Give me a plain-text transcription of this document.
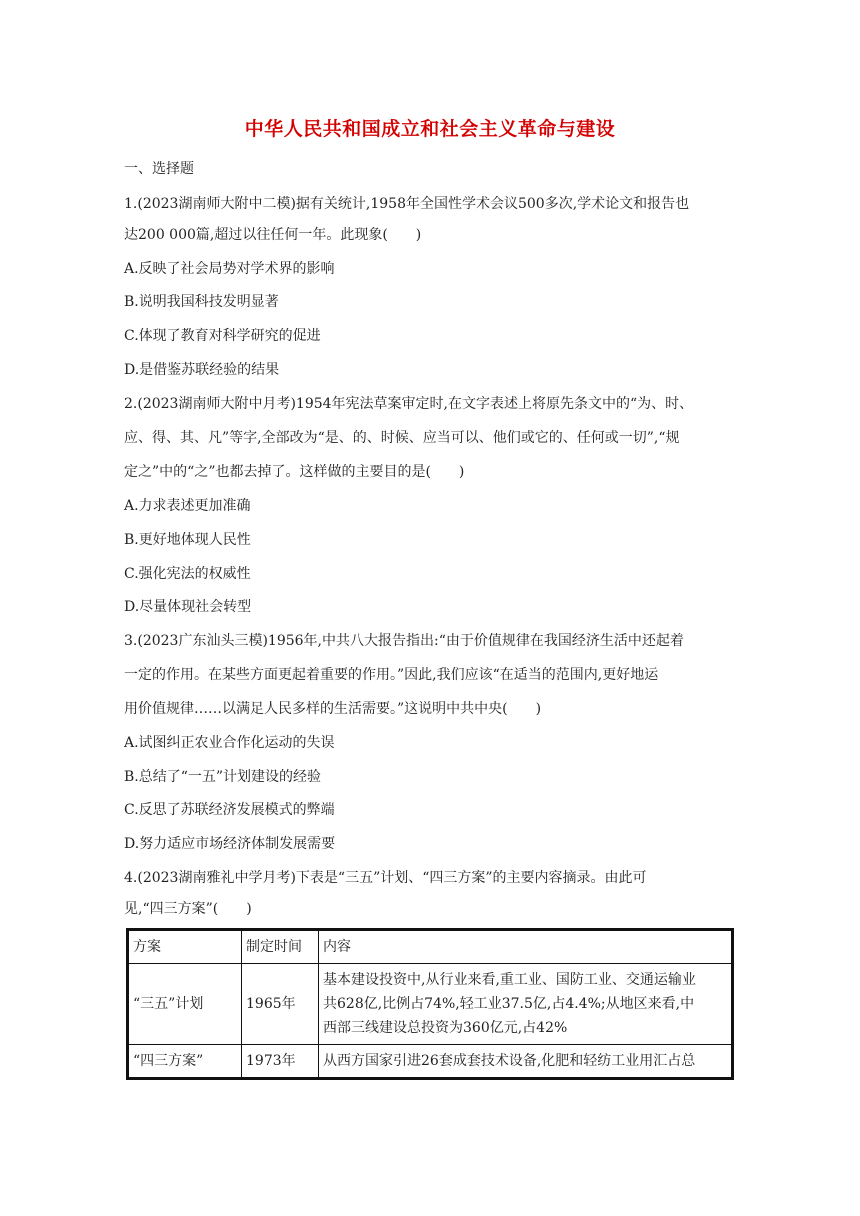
中华人民共和国成立和社会主义革命与建设
一、选择题
1.(2023湖南师大附中二模)据有关统计,1958年全国性学术会议500多次,学术论文和报告也
达200 000篇,超过以往任何一年。此现象(　　)
A.反映了社会局势对学术界的影响
B.说明我国科技发明显著
C.体现了教育对科学研究的促进
D.是借鉴苏联经验的结果
2.(2023湖南师大附中月考)1954年宪法草案审定时,在文字表述上将原先条文中的“为、时、
应、得、其、凡”等字,全部改为“是、的、时候、应当可以、他们或它的、任何或一切”,“规
定之”中的“之”也都去掉了。这样做的主要目的是(　　)
A.力求表述更加准确
B.更好地体现人民性
C.强化宪法的权威性
D.尽量体现社会转型
3.(2023广东汕头三模)1956年,中共八大报告指出:“由于价值规律在我国经济生活中还起着
一定的作用。在某些方面更起着重要的作用。”因此,我们应该“在适当的范围内,更好地运
用价值规律……以满足人民多样的生活需要。”这说明中共中央(　　)
A.试图纠正农业合作化运动的失误
B.总结了“一五”计划建设的经验
C.反思了苏联经济发展模式的弊端
D.努力适应市场经济体制发展需要
4.(2023湖南雅礼中学月考)下表是“三五”计划、“四三方案”的主要内容摘录。由此可
见,“四三方案”(　　)
方案	制定时间	内容
“三五”计划	1965年	基本建设投资中,从行业来看,重工业、国防工业、交通运输业
共628亿,比例占74%,轻工业37.5亿,占4.4%;从地区来看,中
西部三线建设总投资为360亿元,占42%

“四三方案”	1973年	从西方国家引进26套成套技术设备,化肥和轻纺工业用汇占总
